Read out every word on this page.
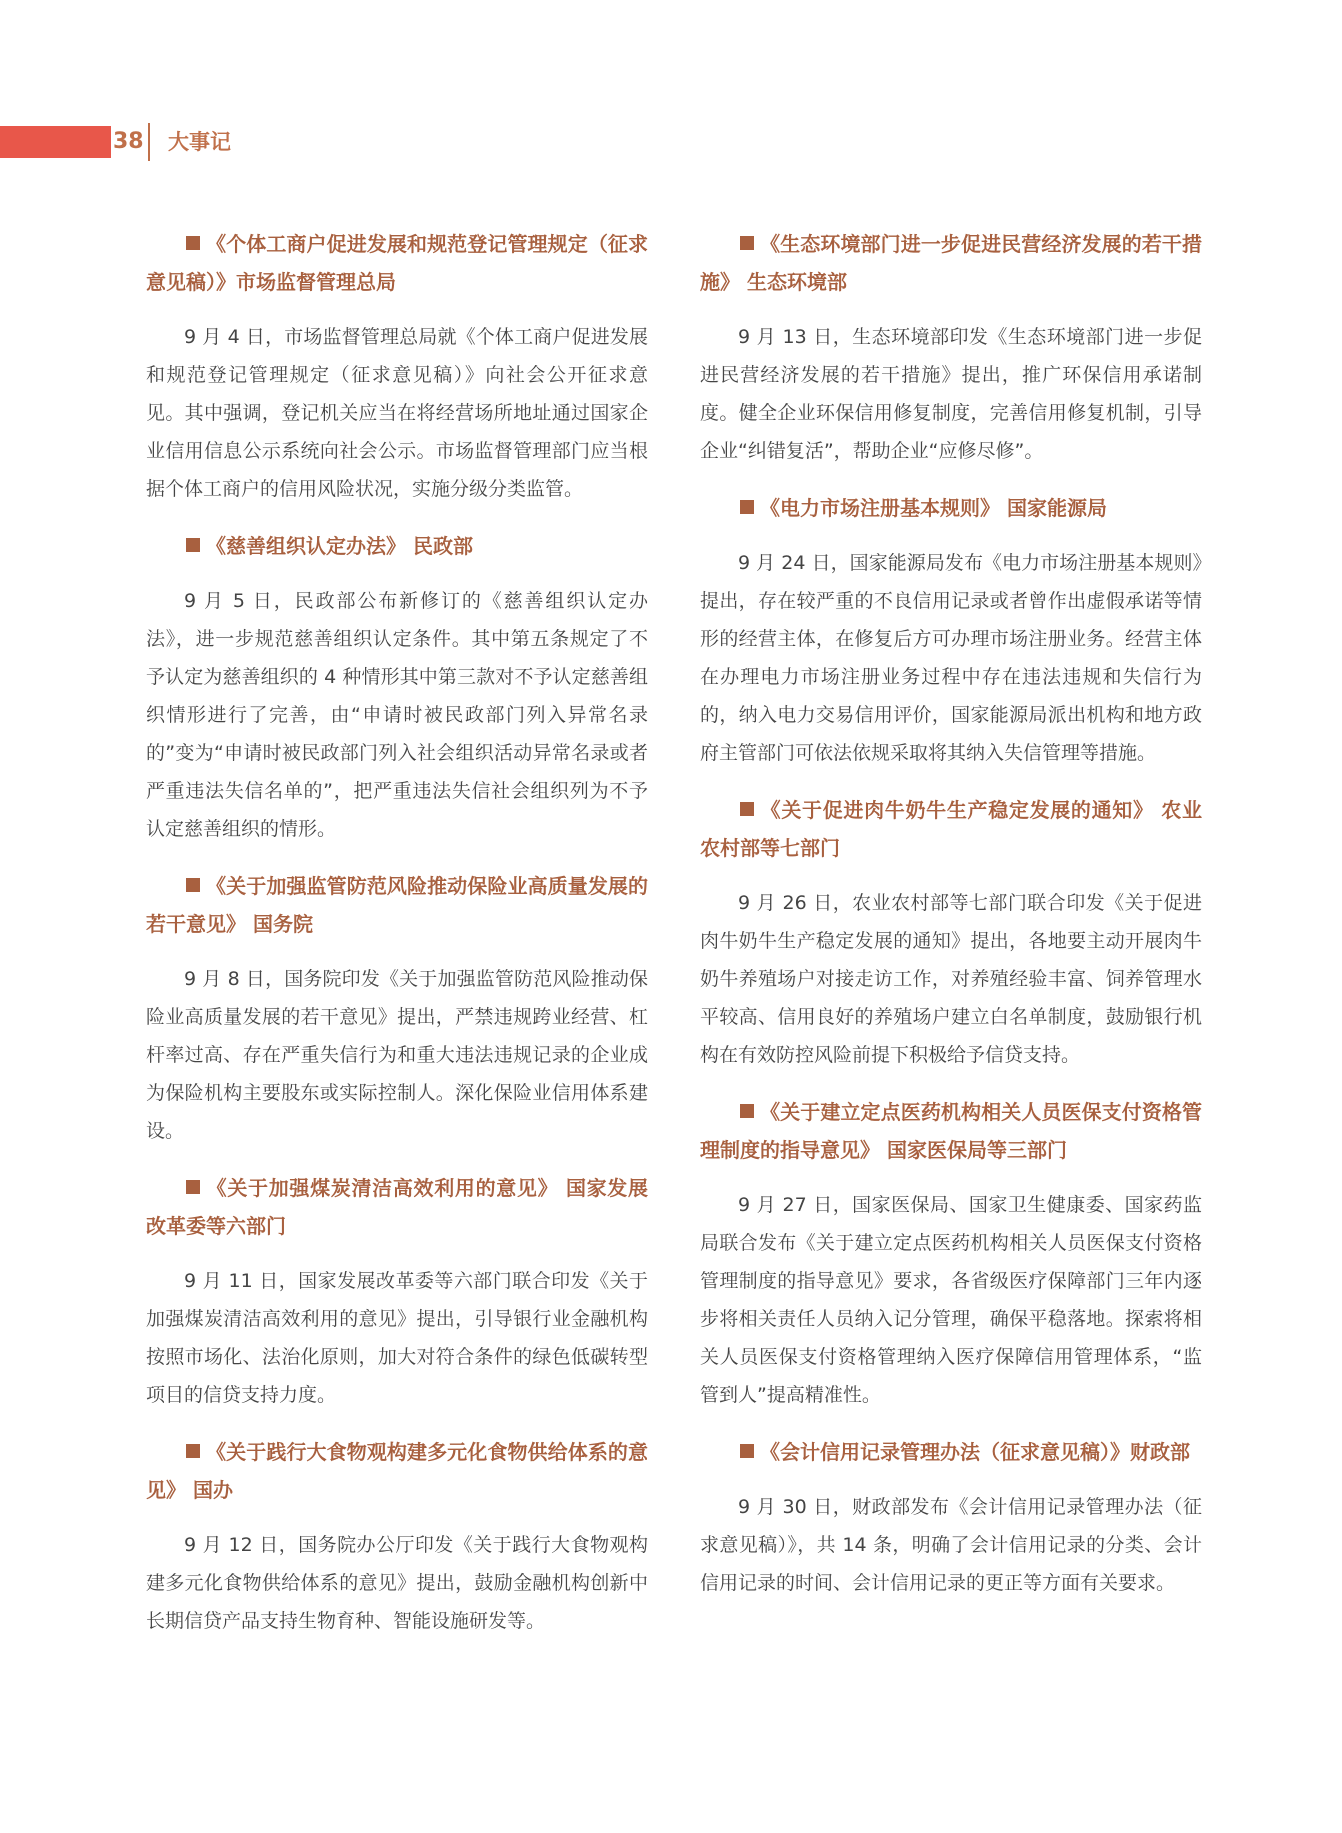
38 大事记

《个体工商户促进发展和规范登记管理规定（征求意见稿）》市场监督管理总局

9 月 4 日，市场监督管理总局就《个体工商户促进发展和规范登记管理规定（征求意见稿）》向社会公开征求意见。其中强调，登记机关应当在将经营场所地址通过国家企业信用信息公示系统向社会公示。市场监督管理部门应当根据个体工商户的信用风险状况，实施分级分类监管。

《慈善组织认定办法》 民政部

9 月 5 日，民政部公布新修订的《慈善组织认定办法》，进一步规范慈善组织认定条件。其中第五条规定了不予认定为慈善组织的 4 种情形其中第三款对不予认定慈善组织情形进行了完善，由“申请时被民政部门列入异常名录的”变为“申请时被民政部门列入社会组织活动异常名录或者严重违法失信名单的”，把严重违法失信社会组织列为不予认定慈善组织的情形。

《关于加强监管防范风险推动保险业高质量发展的若干意见》 国务院

9 月 8 日，国务院印发《关于加强监管防范风险推动保险业高质量发展的若干意见》提出，严禁违规跨业经营、杠杆率过高、存在严重失信行为和重大违法违规记录的企业成为保险机构主要股东或实际控制人。深化保险业信用体系建设。

《关于加强煤炭清洁高效利用的意见》 国家发展改革委等六部门

9 月 11 日，国家发展改革委等六部门联合印发《关于加强煤炭清洁高效利用的意见》提出，引导银行业金融机构按照市场化、法治化原则，加大对符合条件的绿色低碳转型项目的信贷支持力度。

《关于践行大食物观构建多元化食物供给体系的意见》 国办

9 月 12 日，国务院办公厅印发《关于践行大食物观构建多元化食物供给体系的意见》提出，鼓励金融机构创新中长期信贷产品支持生物育种、智能设施研发等。

《生态环境部门进一步促进民营经济发展的若干措施》 生态环境部

9 月 13 日，生态环境部印发《生态环境部门进一步促进民营经济发展的若干措施》提出，推广环保信用承诺制度。健全企业环保信用修复制度，完善信用修复机制，引导企业“纠错复活”，帮助企业“应修尽修”。

《电力市场注册基本规则》 国家能源局

9 月 24 日，国家能源局发布《电力市场注册基本规则》提出，存在较严重的不良信用记录或者曾作出虚假承诺等情形的经营主体，在修复后方可办理市场注册业务。经营主体在办理电力市场注册业务过程中存在违法违规和失信行为的，纳入电力交易信用评价，国家能源局派出机构和地方政府主管部门可依法依规采取将其纳入失信管理等措施。

《关于促进肉牛奶牛生产稳定发展的通知》 农业农村部等七部门

9 月 26 日，农业农村部等七部门联合印发《关于促进肉牛奶牛生产稳定发展的通知》提出，各地要主动开展肉牛奶牛养殖场户对接走访工作，对养殖经验丰富、饲养管理水平较高、信用良好的养殖场户建立白名单制度，鼓励银行机构在有效防控风险前提下积极给予信贷支持。

《关于建立定点医药机构相关人员医保支付资格管理制度的指导意见》 国家医保局等三部门

9 月 27 日，国家医保局、国家卫生健康委、国家药监局联合发布《关于建立定点医药机构相关人员医保支付资格管理制度的指导意见》要求，各省级医疗保障部门三年内逐步将相关责任人员纳入记分管理，确保平稳落地。探索将相关人员医保支付资格管理纳入医疗保障信用管理体系，“监管到人”提高精准性。

《会计信用记录管理办法（征求意见稿）》财政部

9 月 30 日，财政部发布《会计信用记录管理办法（征求意见稿）》，共 14 条，明确了会计信用记录的分类、会计信用记录的时间、会计信用记录的更正等方面有关要求。
